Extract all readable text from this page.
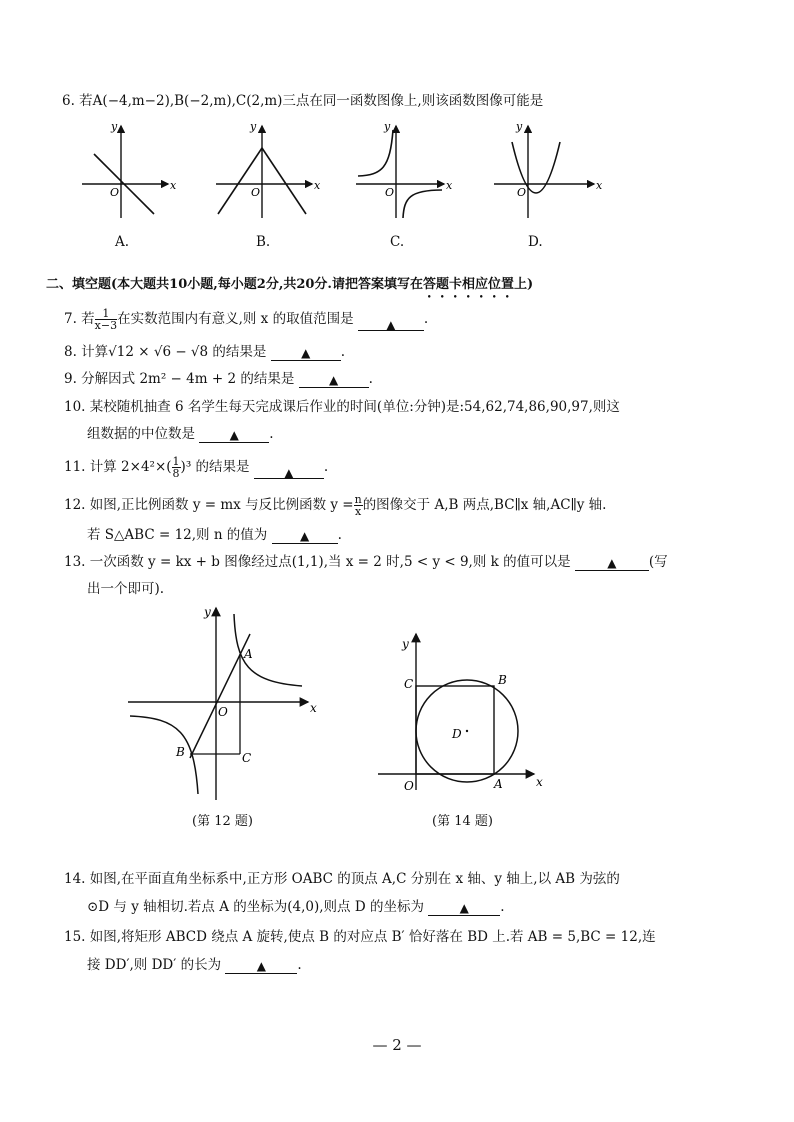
6. 若A(−4,m−2),B(−2,m),C(2,m)三点在同一函数图像上,则该函数图像可能是
x
y
O
x
y
O
x
y
O
x
y
O
A.	B.	C.	D.
二、填空题(本大题共10小题,每小题2分,共20分.请把答案填写在答题卡相应位置上)
7. 若 $\frac{1}{x-3}$ 在实数范围内有意义,则 x 的取值范围是	▲ .
8. 计算√12 × √6 − √8 的结果是	▲ .
9. 分解因式 2m² − 4m + 2 的结果是	▲ .
10. 某校随机抽查 6 名学生每天完成课后作业的时间(单位:分钟)是:54,62,74,86,90,97,则这
组数据的中位数是	▲ .
11. 计算 $2\times 4^2\times( \frac{1}{8} )^3$ 的结果是	▲ .
12. 如图,正比例函数 y = mx 与反比例函数 $y = \frac{n}{x}$ 的图像交于 A,B 两点,BC∥x 轴,AC∥y 轴.
若 S△ABC = 12,则 n 的值为	▲ .
13. 一次函数 y = kx + b 图像经过点(1,1),当 x = 2 时,5 < y < 9,则 k 的值可以是	▲ (写
出一个即可).
x
y
O
A
B	C
(第 12 题)
x
y
O	A
B
C
D
(第 14 题)
14. 如图,在平面直角坐标系中,正方形 OABC 的顶点 A,C 分别在 x 轴、y 轴上,以 AB 为弦的
⊙D 与 y 轴相切.若点 A 的坐标为(4,0),则点 D 的坐标为	▲ .
15. 如图,将矩形 ABCD 绕点 A 旋转,使点 B 的对应点 B′ 恰好落在 BD 上.若 AB = 5,BC = 12,连
接 DD′,则 DD′ 的长为	▲ .
— 2 —
